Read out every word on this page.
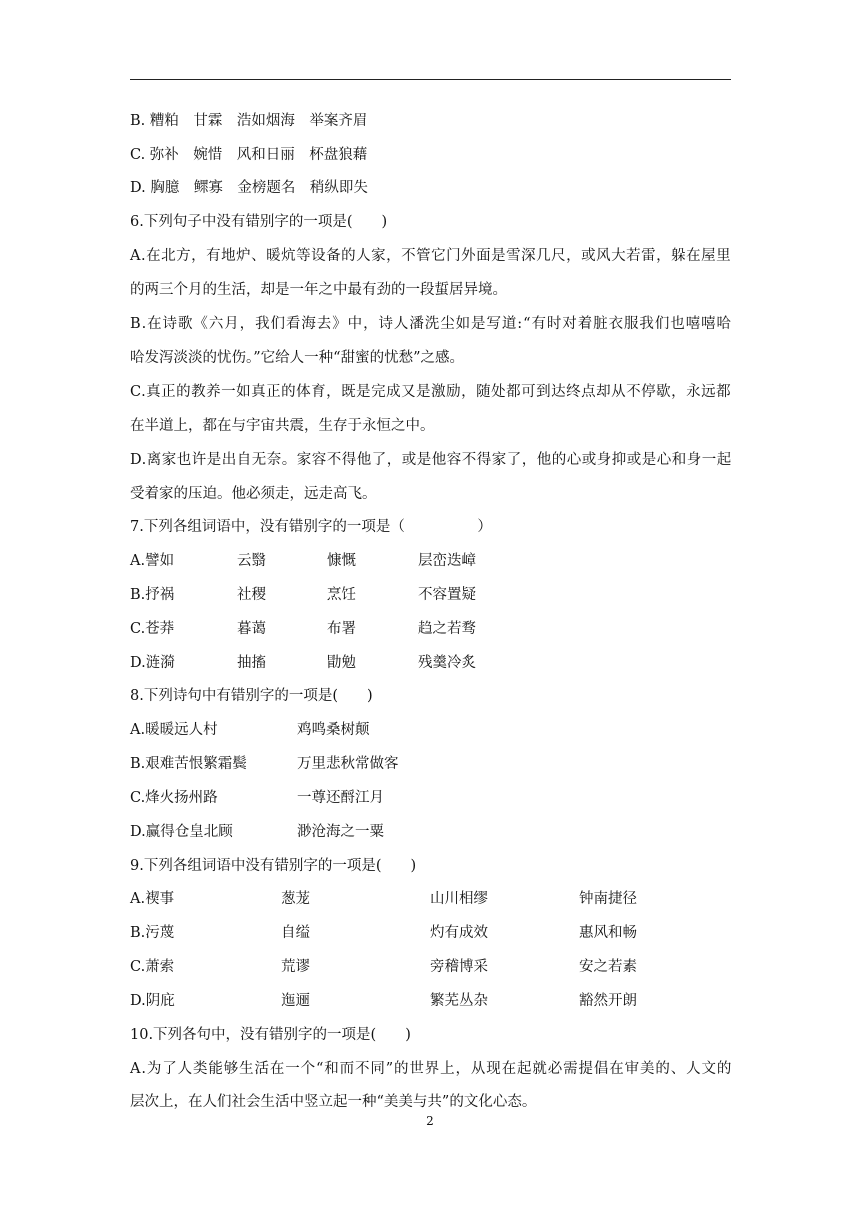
B. 糟粕　甘霖　浩如烟海　举案齐眉
C. 弥补　婉惜　风和日丽　杯盘狼藉
D. 胸臆　鳏寡　金榜题名　稍纵即失
6.下列句子中没有错别字的一项是(　　)
A.在北方，有地炉、暖炕等设备的人家，不管它门外面是雪深几尺，或风大若雷，躲在屋里
的两三个月的生活，却是一年之中最有劲的一段蜇居异境。
B.在诗歌《六月，我们看海去》中，诗人潘洗尘如是写道:“有时对着脏衣服我们也嘻嘻哈
哈发泻淡淡的忧伤。”它给人一种“甜蜜的忧愁”之感。
C.真正的教养一如真正的体育，既是完成又是激励，随处都可到达终点却从不停歇，永远都
在半道上，都在与宇宙共震，生存于永恒之中。
D.离家也许是出自无奈。家容不得他了，或是他容不得家了，他的心或身抑或是心和身一起
受着家的压迫。他必须走，远走高飞。
7.下列各组词语中，没有错别字的一项是（　　　　　）
A.譬如	云翳	慷慨	层峦迭嶂
B.抒祸	社稷	烹饪	不容置疑
C.苍莽	暮蔼	布署	趋之若骛
D.涟漪	抽搐	勖勉	残羹冷炙
8.下列诗句中有错别字的一项是(　　)
A.暖暖远人村	鸡鸣桑树颠
B.艰难苦恨繁霜鬓	万里悲秋常做客
C.烽火扬州路	一尊还酹江月
D.赢得仓皇北顾	渺沧海之一粟
9.下列各组词语中没有错别字的一项是(　　)
A.褉事	葱茏	山川相缪	钟南捷径
B.污蔑	自缢	灼有成效	惠风和畅
C.萧索	荒谬	旁稽博采	安之若素
D.阴庇	迤逦	繁芜丛杂	豁然开朗
10.下列各句中，没有错别字的一项是(　　)
A.为了人类能够生活在一个“和而不同”的世界上，从现在起就必需提倡在审美的、人文的
层次上，在人们社会生活中竖立起一种“美美与共”的文化心态。
2
